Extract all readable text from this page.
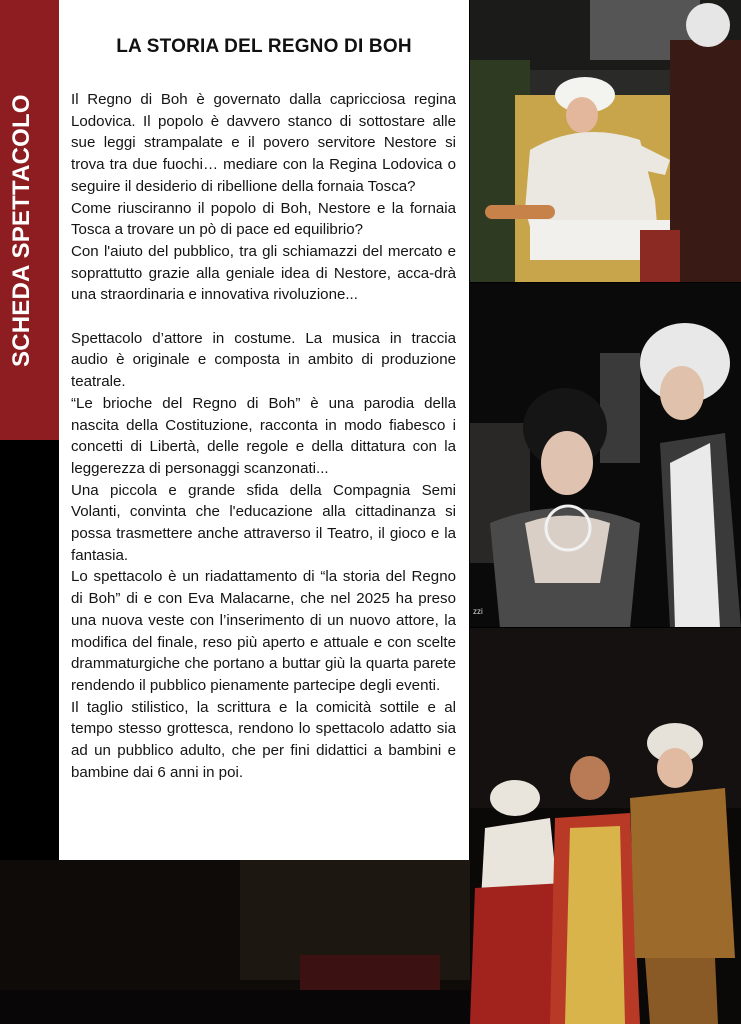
SCHEDA SPETTACOLO
LA STORIA DEL REGNO DI BOH

Il Regno di Boh è governato dalla capricciosa regina Lodovica. Il popolo è davvero stanco di sottostare alle sue leggi strampalate e il povero servitore Nestore si trova tra due fuochi… mediare con la Regina Lodovica o seguire il desiderio di ribellione della fornaia Tosca?

Come riusciranno il popolo di Boh, Nestore e la fornaia Tosca a trovare un pò di pace ed equilibrio?

Con l'aiuto del pubblico, tra gli schiamazzi del mercato e soprattutto grazie alla geniale idea di Nestore, acca-drà una straordinaria e innovativa rivoluzione...

Spettacolo d’attore in costume. La musica in traccia audio è originale e composta in ambito di produzione teatrale.

“Le brioche del Regno di Boh” è una parodia della nascita della Costituzione, racconta in modo fiabesco i concetti di Libertà, delle regole e della dittatura con la leggerezza di personaggi scanzonati...

Una piccola e grande sfida della Compagnia Semi Volanti, convinta che l'educazione alla cittadinanza si possa trasmettere anche attraverso il Teatro, il gioco e la fantasia.

Lo spettacolo è un riadattamento di “la storia del Regno di Boh” di e con Eva Malacarne, che nel 2025 ha preso una nuova veste con l’inserimento di un nuovo attore, la modifica del finale, reso più aperto e attuale e con scelte drammaturgiche che portano a buttar giù la quarta parete rendendo il pubblico pienamente partecipe degli eventi.

Il taglio stilistico, la scrittura e la comicità sottile e al tempo stesso grottesca, rendono lo spettacolo adatto sia ad un pubblico adulto, che per fini didattici a bambini e bambine dai 6 anni in poi.

zzi
